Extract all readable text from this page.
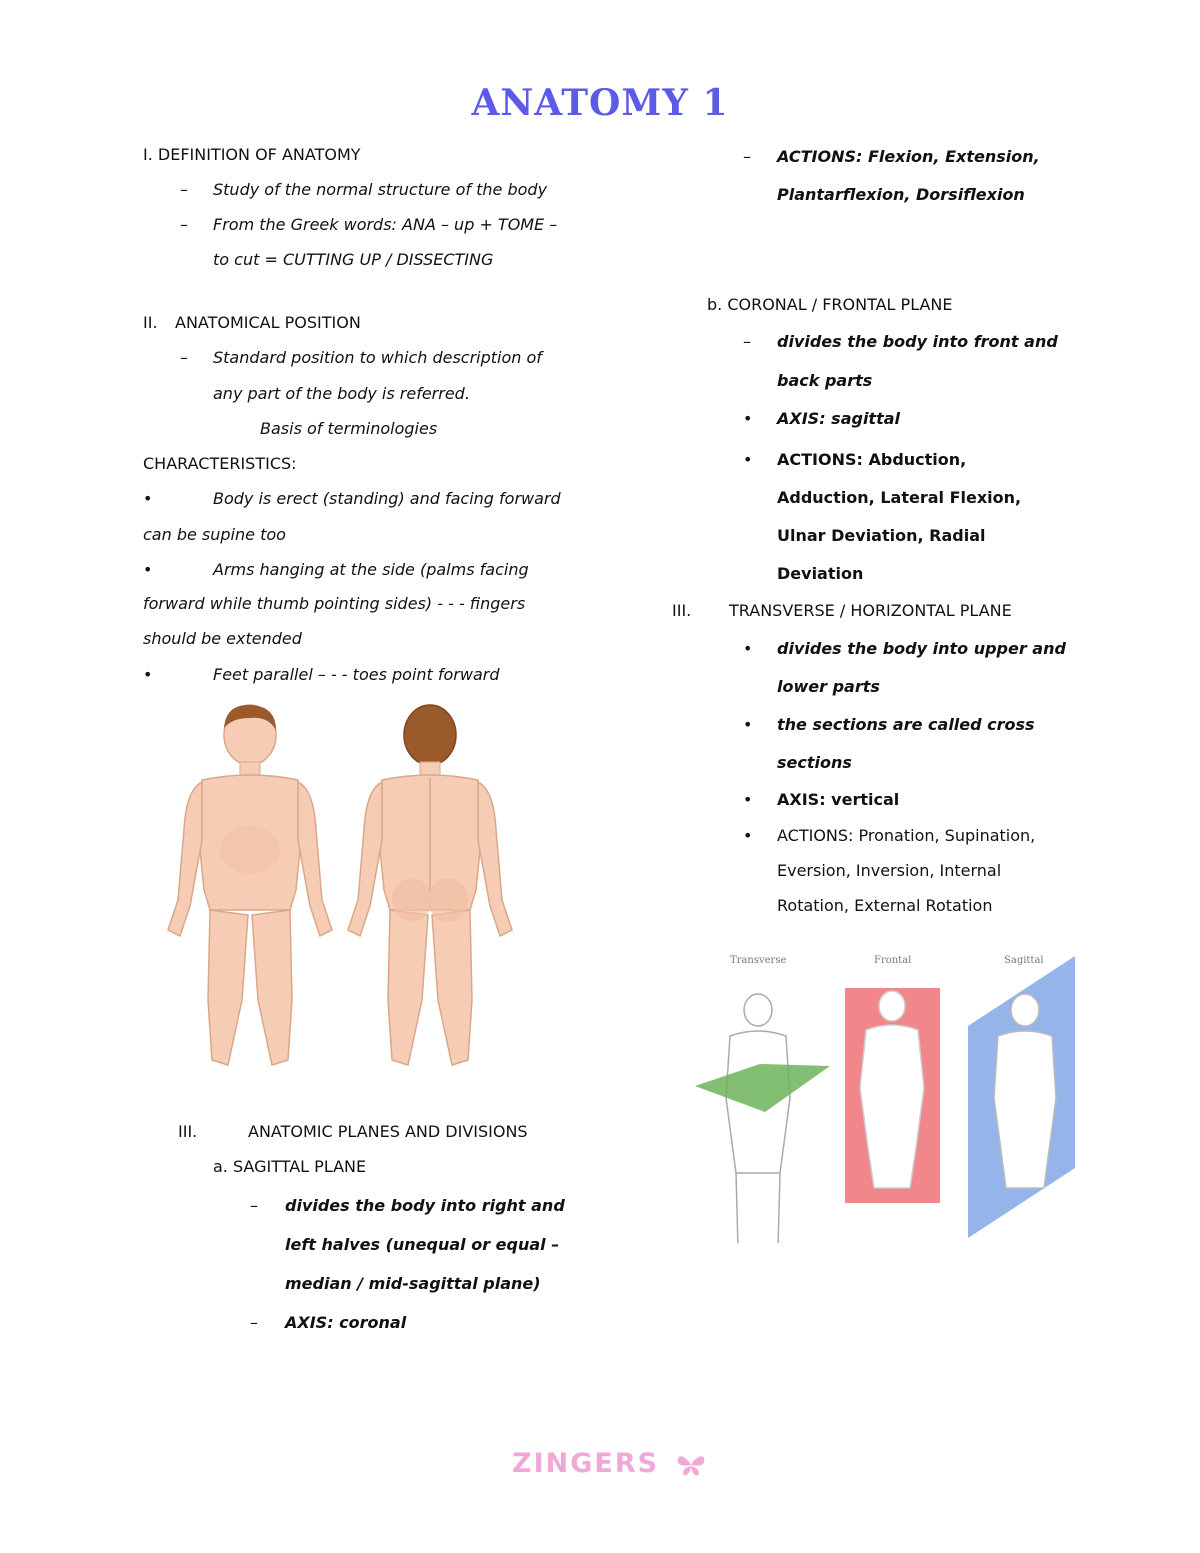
ANATOMY 1
I. DEFINITION OF ANATOMY
– Study of the normal structure of the body
– From the Greek words: ANA – up + TOME –
to cut = CUTTING UP / DISSECTING
II. ANATOMICAL POSITION
– Standard position to which description of
any part of the body is referred.
Basis of terminologies
CHARACTERISTICS:
•	Body is erect (standing) and facing forward
can be supine too
•	Arms hanging at the side (palms facing
forward while thumb pointing sides) - - - fingers
should be extended
•	Feet parallel – - - toes point forward
III.	ANATOMIC PLANES AND DIVISIONS
a. SAGITTAL PLANE
– divides the body into right and
left halves (unequal or equal –
median / mid-sagittal plane)
– AXIS: coronal
– ACTIONS: Flexion, Extension,
Plantarflexion, Dorsiflexion
b. CORONAL / FRONTAL PLANE
– divides the body into front and
back parts
• AXIS: sagittal
• ACTIONS: Abduction,
Adduction, Lateral Flexion,
Ulnar Deviation, Radial
Deviation
III. TRANSVERSE / HORIZONTAL PLANE
• divides the body into upper and
lower parts
• the sections are called cross
sections
• AXIS: vertical
• ACTIONS: Pronation, Supination,
Eversion, Inversion, Internal
Rotation, External Rotation
Transverse	Frontal	Sagittal
ZINGERS
